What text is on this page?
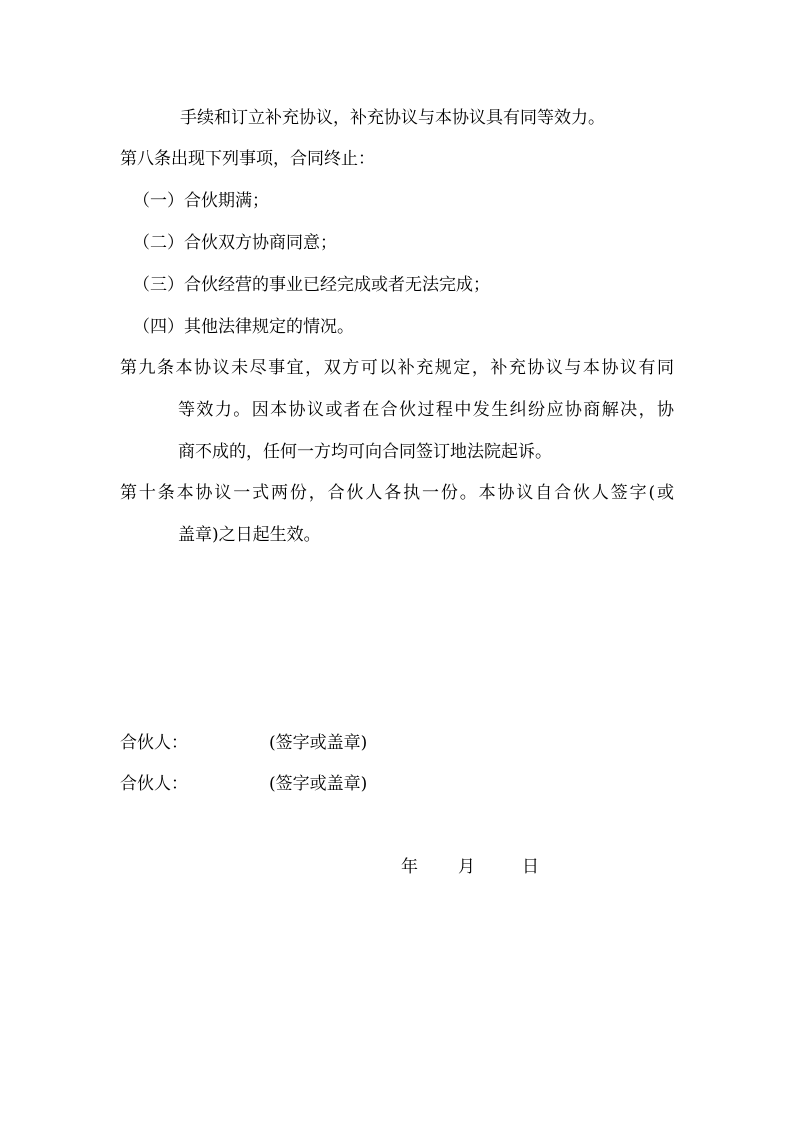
手续和订立补充协议，补充协议与本协议具有同等效力。
第八条出现下列事项，合同终止：
（一）合伙期满；
（二）合伙双方协商同意；
（三）合伙经营的事业已经完成或者无法完成；
（四）其他法律规定的情况。
第九条本协议未尽事宜，双方可以补充规定，补充协议与本协议有同
等效力。因本协议或者在合伙过程中发生纠纷应协商解决，协
商不成的，任何一方均可向合同签订地法院起诉。
第十条本协议一式两份，合伙人各执一份。本协议自合伙人签字(或
盖章)之日起生效。
合伙人：	(签字或盖章)
合伙人：	(签字或盖章)
年 月	日
